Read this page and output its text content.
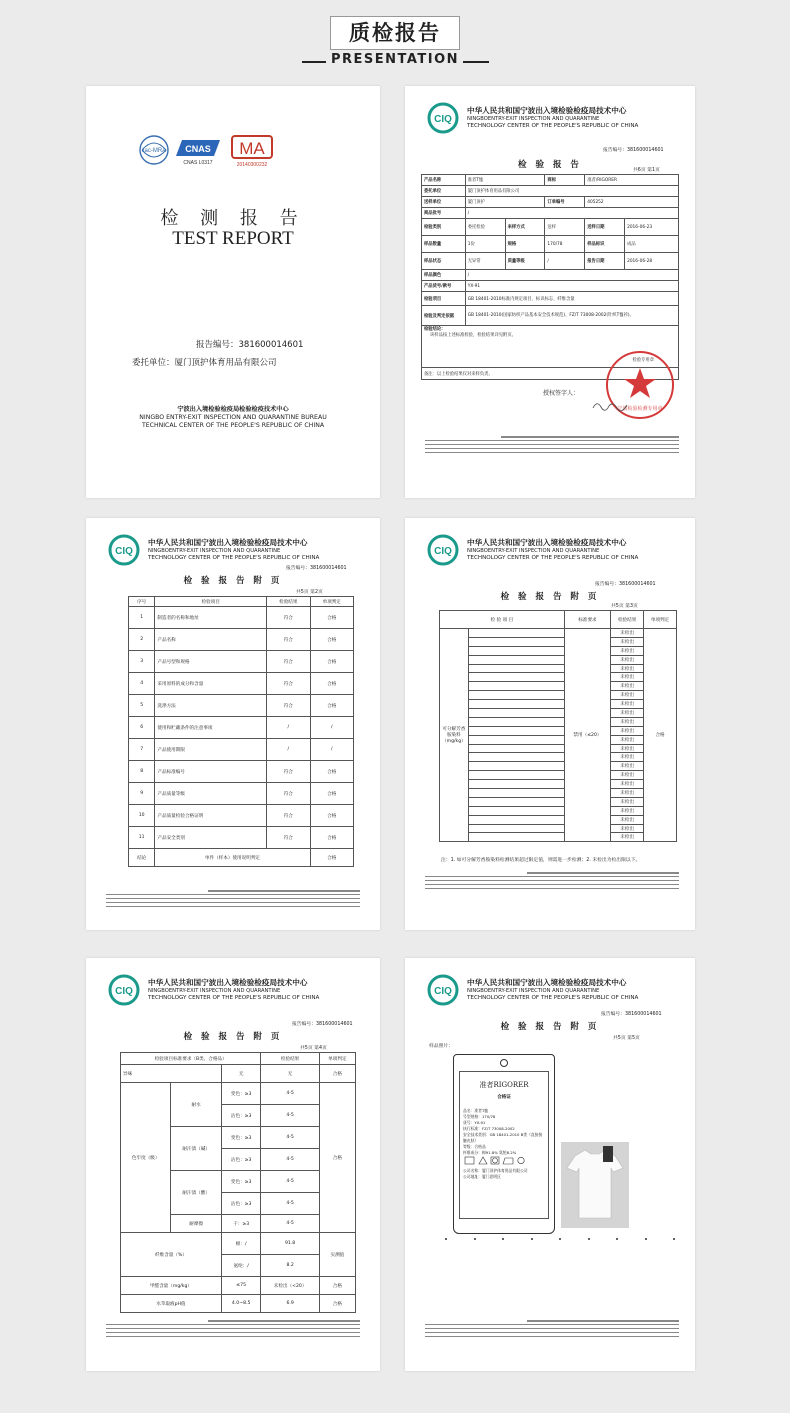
质检报告
PRESENTATION
ilac-MRA CNAS
CNAS L0317
MA
20140300232
检 测 报 告
TEST REPORT
报告编号：381600014601
委托单位：厦门顶护体育用品有限公司
宁波出入境检验检疫局检验检疫技术中心
NINGBO ENTRY-EXIT INSPECTION AND QUARANTINE BUREAU
TECHNICAL CENTER OF THE PEOPLE'S REPUBLIC OF CHINA
CIQ
中华人民共和国宁波出入境检验检疫局技术中心
NINGBOENTRY-EXIT INSPECTION AND QUARANTINE
TECHNOLOGY CENTER OF THE PEOPLE'S REPUBLIC OF CHINA
报告编号：381600014601
检 验 报 告
共6页 第1页
产品名称	准者T恤		商标	准者/RIGORER	
委托单位	厦门顶护体育用品有限公司				
送样单位	厦门顶护		订单编号	405252	
商品批号	/				
检验类别	委托检验	来样方式	送样	送样日期	2016-06-23
样品数量	1份	规格	170/78	样品标识	成品
样品状态	无异常	质量等级	/	报告日期	2016-06-28
样品颜色	/				
产品货号/款号	YX-91				
检验项目	GB 18401-2010标准内规定项目、标识标志、纤维含量				
检验及判定依据	GB 18401-2010(国家纺织产品基本安全技术规范)、FZ/T 73008-2002(针织T恤衫)。				

检验结论：
该样品按上述标准检验，检验结果详见附页。
检验专用章					

备注：以上检验结果仅对来样负责。					
授权签字人：
宁波检验检测专用章
CIQ
中华人民共和国宁波出入境检验检疫局技术中心
NINGBOENTRY-EXIT INSPECTION AND QUARANTINE
TECHNOLOGY CENTER OF THE PEOPLE'S REPUBLIC OF CHINA
报告编号：381600014601
检 验 报 告 附 页
共5页 第2页
序号	检验项目	检验结果	单项判定
1	制造者的名称和地址	符合	合格
2	产品名称	符合	合格
3	产品号型和规格	符合	合格
4	采用原料的成分和含量	符合	合格
5	洗涤方法	符合	合格
6	使用和贮藏条件的注意事项	/	/
7	产品使用期限	/	/
8	产品标准编号	符合	合格
9	产品质量等级	符合	合格
10	产品质量检验合格证明	符合	合格
11	产品安全类别	符合	合格
结论	单件（样本）使用说明判定		合格
CIQ
中华人民共和国宁波出入境检验检疫局技术中心
NINGBOENTRY-EXIT INSPECTION AND QUARANTINE
TECHNOLOGY CENTER OF THE PEOPLE'S REPUBLIC OF CHINA
报告编号：381600014601
检 验 报 告 附 页
共5页 第3页
检 验 项 目		标准要求	检验结果	单项判定
可分解芳香胺染料（mg/kg）		禁用（≤20）	未检出	合格
			未检出	
			未检出	
			未检出	
			未检出	
			未检出	
			未检出	
			未检出	
			未检出	
			未检出	
			未检出	
			未检出	
			未检出	
			未检出	
			未检出	
			未检出	
			未检出	
			未检出	
			未检出	
			未检出	
			未检出	
			未检出	
			未检出	
			未检出	
注：1. 如可分解芳香胺染料检测结果超过限定值，则需进一步检测；2. 未检出为检出限以下。
CIQ
中华人民共和国宁波出入境检验检疫局技术中心
NINGBOENTRY-EXIT INSPECTION AND QUARANTINE
TECHNOLOGY CENTER OF THE PEOPLE'S REPUBLIC OF CHINA
报告编号：381600014601
检 验 报 告 附 页
共5页 第4页
检验项目标准要求（B类、合格品）			检验结果	单项判定
异味		无	无	合格
色牢度（级）	耐水	变色：≥3	4-5	合格
		沾色：≥3	4-5	
	耐汗渍（碱）	变色：≥3	4-5	
		沾色：≥3	4-5	
	耐汗渍（酸）	变色：≥3	4-5	
		沾色：≥3	4-5	
	耐摩擦	干：≥3	4-5	
纤维含量（%）		棉：/	91.8	实测值
		氨纶：/	8.2	
甲醛含量（mg/kg）		≤75	未检出（<20）	合格
水萃取液pH值		4.0~8.5	6.9	合格
CIQ
中华人民共和国宁波出入境检验检疫局技术中心
NINGBOENTRY-EXIT INSPECTION AND QUARANTINE
TECHNOLOGY CENTER OF THE PEOPLE'S REPUBLIC OF CHINA
报告编号：381600014601
检 验 报 告 附 页
共5页 第5页
样品照片：
准者RIGORER
合格证
品名：准者T恤
号型规格：170/78
货号：YX-91
执行标准：FZ/T 73008-2002
安全技术类别：GB 18401-2010 B类（直接接触皮肤）
等级：合格品
纤维成分：棉91.8% 氨纶8.2%
公司名称：厦门顶护体育用品有限公司
公司地址：厦门思明区
